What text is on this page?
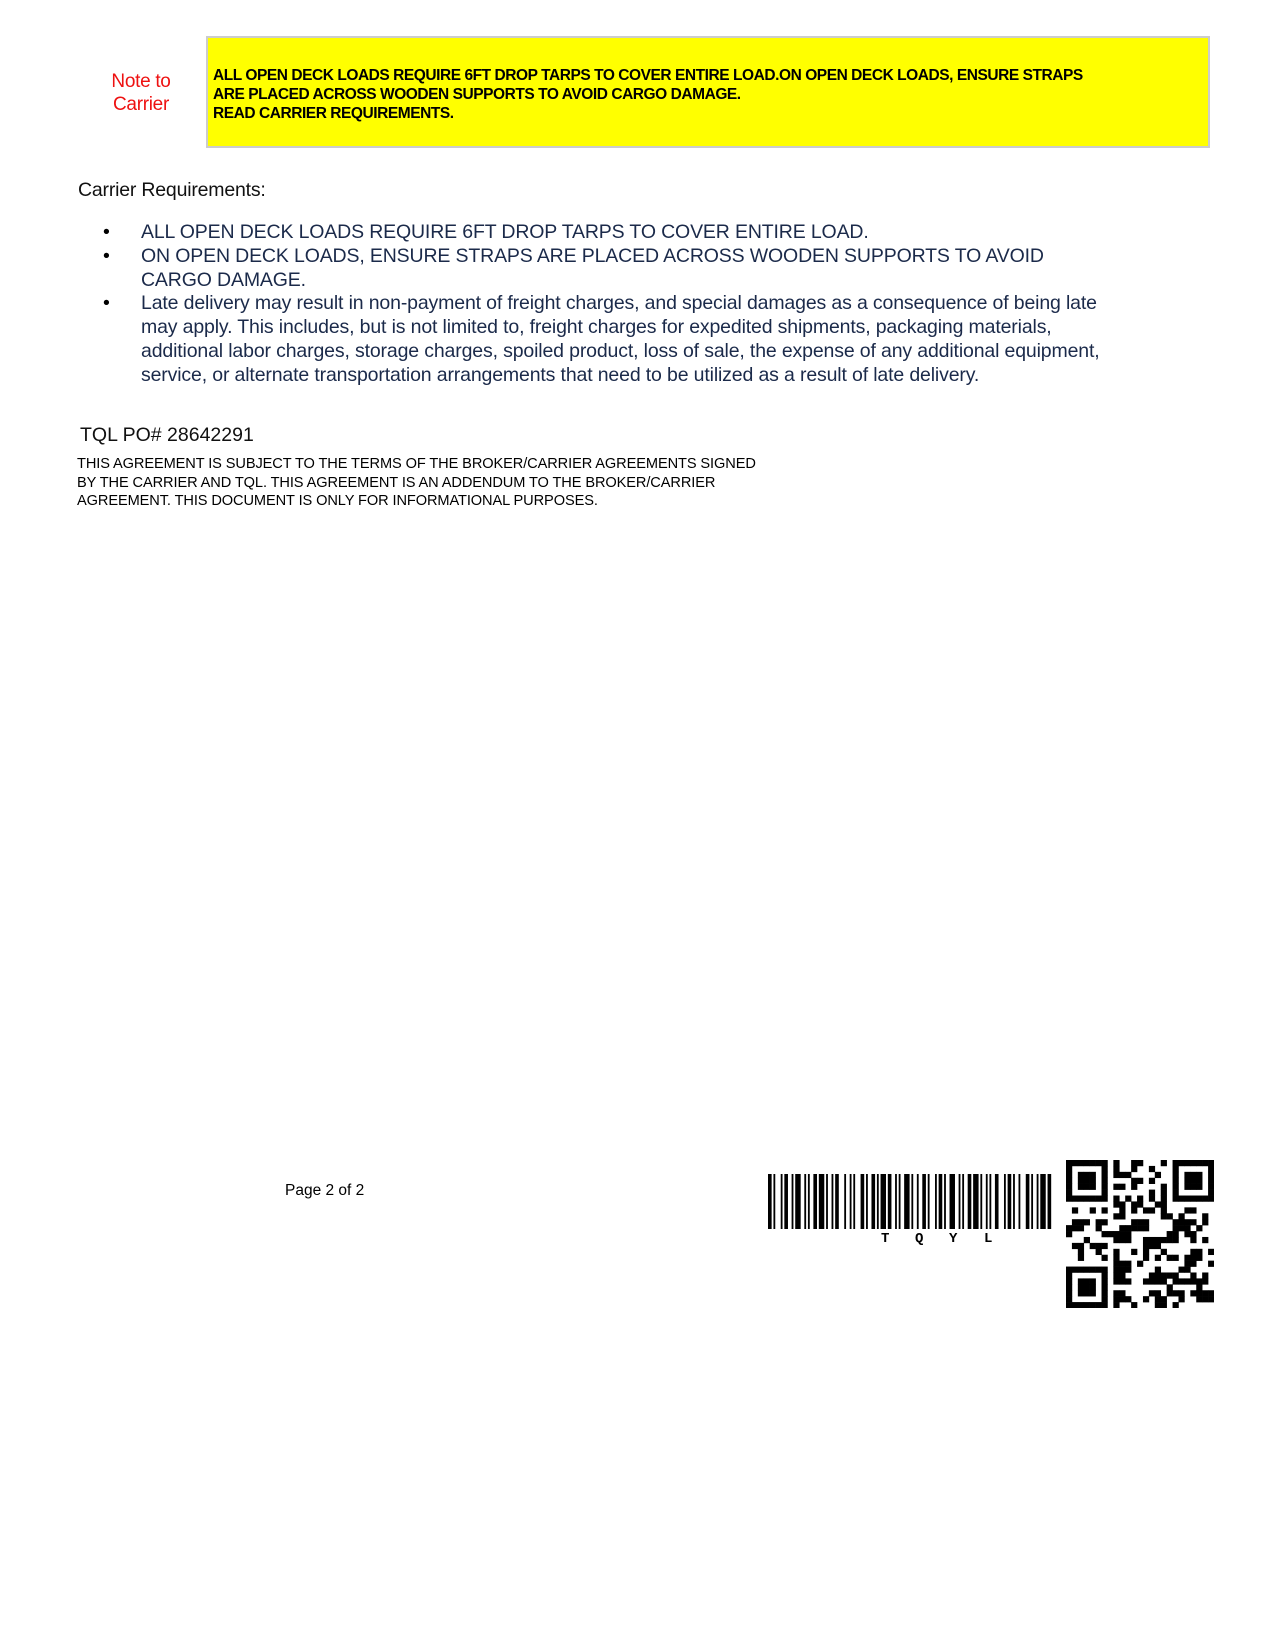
Note to
Carrier

ALL OPEN DECK LOADS REQUIRE 6FT DROP TARPS TO COVER ENTIRE LOAD.ON OPEN DECK LOADS, ENSURE STRAPS
ARE PLACED ACROSS WOODEN SUPPORTS TO AVOID CARGO DAMAGE.
READ CARRIER REQUIREMENTS.

Carrier Requirements:
• ALL OPEN DECK LOADS REQUIRE 6FT DROP TARPS TO COVER ENTIRE LOAD.
• ON OPEN DECK LOADS, ENSURE STRAPS ARE PLACED ACROSS WOODEN SUPPORTS TO AVOID CARGO DAMAGE.
• Late delivery may result in non-payment of freight charges, and special damages as a consequence of being late may apply. This includes, but is not limited to, freight charges for expedited shipments, packaging materials, additional labor charges, storage charges, spoiled product, loss of sale, the expense of any additional equipment, service, or alternate transportation arrangements that need to be utilized as a result of late delivery.
TQL PO# 28642291

THIS AGREEMENT IS SUBJECT TO THE TERMS OF THE BROKER/CARRIER AGREEMENTS SIGNED BY THE CARRIER AND TQL. THIS AGREEMENT IS AN ADDENDUM TO THE BROKER/CARRIER AGREEMENT. THIS DOCUMENT IS ONLY FOR INFORMATIONAL PURPOSES.

Page 2 of 2
T Q Y L
